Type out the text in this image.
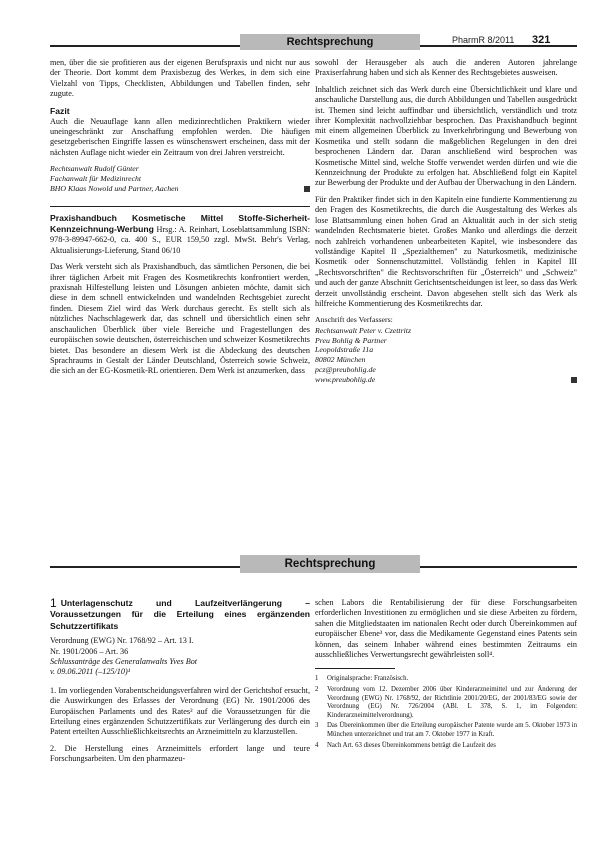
Rechtsprechung	PharmR 8/2011 321

men, über die sie profitieren aus der eigenen Berufspraxis und nicht nur aus der Theorie. Dort kommt dem Praxisbezug des Werkes, in dem sich eine Vielzahl von Tipps, Checklisten, Abbildungen und Tabellen finden, sehr zugute.

Fazit

Auch die Neuauflage kann allen medizinrechtlichen Praktikern wieder uneingeschränkt zur Anschaffung empfohlen werden. Die häufigen gesetzgeberischen Eingriffe lassen es wünschenswert erscheinen, dass mit der nächsten Auflage nicht wieder ein Zeitraum von drei Jahren verstreicht.

Rechtsanwalt Rudolf Günter
Fachanwalt für Medizinrecht
BHO Klaas Nowold und Partner, Aachen

Praxishandbuch Kosmetische Mittel Stoffe-Sicherheit-Kennzeichnung-Werbung Hrsg.: A. Reinhart, Loseblattsammlung ISBN: 978-3-89947-662-0, ca. 400 S., EUR 159,50 zzgl. MwSt. Behr's Verlag, Aktualisierungs-Lieferung, Stand 06/10

Das Werk versteht sich als Praxishandbuch, das sämtlichen Personen, die bei ihrer täglichen Arbeit mit Fragen des Kosmetikrechts konfrontiert werden, praxisnah Hilfestellung leisten und Lösungen anbieten möchte, damit sich diese in dem schnell entwickelnden und wandelnden Rechtsgebiet zurecht finden. Diesem Ziel wird das Werk durchaus gerecht. Es stellt sich als nützliches Nachschlagewerk dar, das schnell und übersichtlich einen sehr anschaulichen Überblick über viele Bereiche und Fragestellungen des europäischen sowie deutschen, österreichischen und schweizer Kosmetikrechts bietet. Das besondere an diesem Werk ist die Abdeckung des deutschen Sprachraums in Gestalt der Länder Deutschland, Österreich sowie Schweiz, die sich an der EG-Kosmetik-RL orientieren. Dem Werk ist anzumerken, dass

sowohl der Herausgeber als auch die anderen Autoren jahrelange Praxiserfahrung haben und sich als Kenner des Rechtsgebietes ausweisen.

Inhaltlich zeichnet sich das Werk durch eine Übersichtlichkeit und klare und anschauliche Darstellung aus, die durch Abbildungen und Tabellen ausgedrückt ist. Themen sind leicht auffindbar und übersichtlich, verständlich und trotz ihrer Komplexität nachvollziehbar besprochen. Das Praxishandbuch beginnt mit einem allgemeinen Überblick zu Inverkehrbringung und Bewerbung von Kosmetika und stellt sodann die maßgeblichen Regelungen in den drei besprochenen Ländern dar. Daran anschließend wird besprochen was Kosmetische Mittel sind, welche Stoffe verwendet werden dürfen und wie die Kennzeichnung der Produkte zu erfolgen hat. Abschließend folgt ein Kapitel zur Bewerbung der Produkte und der Aufbau der Überwachung in den Ländern.

Für den Praktiker findet sich in den Kapiteln eine fundierte Kommentierung zu den Fragen des Kosmetikrechts, die durch die Ausgestaltung des Werkes als lose Blattsammlung einen hohen Grad an Aktualität auch in der sich stetig wandelnden Rechtsmaterie bietet. Großes Manko und allerdings die derzeit noch zahlreich vorhandenen unbearbeiteten Kapitel, wie insbesondere das vollständige Kapitel II „Spezialthemen" zu Naturkosmetik, medizinische Kosmetik oder Sonnenschutzmittel. Vollständig fehlen in Kapitel III „Rechtsvorschriften" die Rechtsvorschriften für „Österreich" und „Schweiz" und auch der ganze Abschnitt Gerichtsentscheidungen ist leer, so dass das Werk derzeit unvollständig erscheint. Davon abgesehen stellt sich das Werk als hilfreiche Kommentierung des Kosmetikrechts dar.

Anschrift des Verfassers:
Rechtsanwalt Peter v. Czettritz
Preu Bohlig & Partner
Leopoldstraße 11a
80802 München
pcz@preubohlig.de
www.preubohlig.de
Rechtsprechung
1 Unterlagenschutz und Laufzeitverlängerung – Voraussetzungen für die Erteilung eines ergänzenden Schutzzertifikats
Verordnung (EWG) Nr. 1768/92 – Art. 13 I.
Nr. 1901/2006 – Art. 36
Schlussanträge des Generalanwalts Yves Bot
v. 09.06.2011 (–125/10)¹

1. Im vorliegenden Vorabentscheidungsverfahren wird der Gerichtshof ersucht, die Auswirkungen des Erlasses der Verordnung (EG) Nr. 1901/2006 des Europäischen Parlaments und des Rates² auf die Voraussetzungen für die Erteilung eines ergänzenden Schutzzertifikats zur Verlängerung des durch ein Patent erteilten Ausschließlichkeitsrechts an Arzneimitteln zu klarzustellen.

2. Die Herstellung eines Arzneimittels erfordert lange und teure Forschungsarbeiten. Um den pharmazeu-

schen Labors die Rentabilisierung der für diese Forschungsarbeiten erforderlichen Investitionen zu ermöglichen und sie diese Arbeiten zu fördern, sahen die Mitgliedstaaten im nationalen Recht oder durch Übereinkommen auf europäischer Ebene³ vor, dass die Medikamente Gegenstand eines Patents sein können, das seinem Inhaber während eines bestimmten Zeitraums ein ausschließliches Verwertungsrecht gewährleisten soll⁴.

1	Originalsprache: Französisch.

2	Verordnung vom 12. Dezember 2006 über Kinderarzneimittel und zur Änderung der Verordnung (EWG) Nr. 1768/92, der Richtlinie 2001/20/EG, der 2001/83/EG sowie der Verordnung (EG) Nr. 726/2004 (ABl. L 378, S. 1, im Folgenden: Kinderarzneimittelverordnung).

3	Das Übereinkommen über die Erteilung europäischer Patente wurde am 5. Oktober 1973 in München unterzeichnet und trat am 7. Oktober 1977 in Kraft.

4	Nach Art. 63 dieses Übereinkommens beträgt die Laufzeit des
